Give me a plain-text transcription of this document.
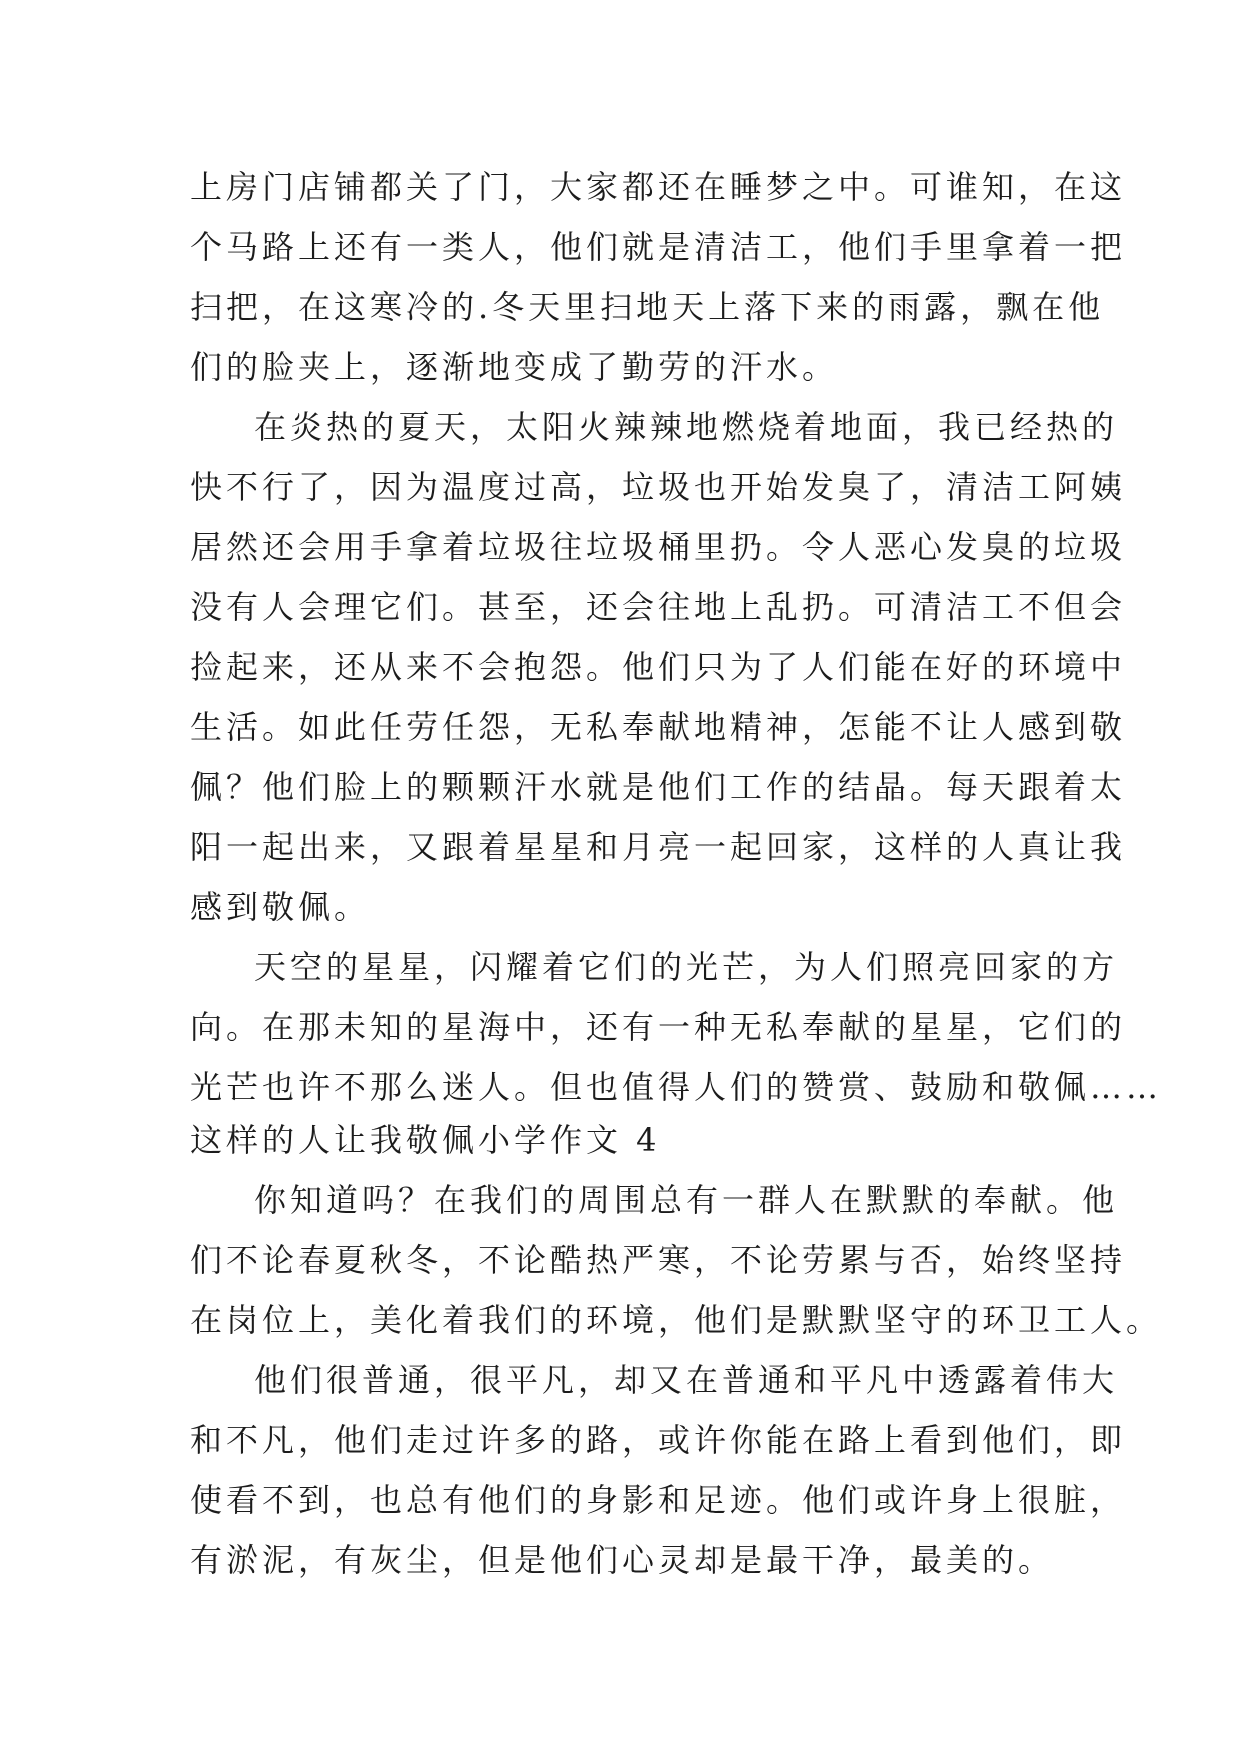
上房门店铺都关了门，大家都还在睡梦之中。可谁知，在这
个马路上还有一类人，他们就是清洁工，他们手里拿着一把
扫把，在这寒冷的.冬天里扫地天上落下来的雨露，飘在他
们的脸夹上，逐渐地变成了勤劳的汗水。
在炎热的夏天，太阳火辣辣地燃烧着地面，我已经热的
快不行了，因为温度过高，垃圾也开始发臭了，清洁工阿姨
居然还会用手拿着垃圾往垃圾桶里扔。令人恶心发臭的垃圾
没有人会理它们。甚至，还会往地上乱扔。可清洁工不但会
捡起来，还从来不会抱怨。他们只为了人们能在好的环境中
生活。如此任劳任怨，无私奉献地精神，怎能不让人感到敬
佩？他们脸上的颗颗汗水就是他们工作的结晶。每天跟着太
阳一起出来，又跟着星星和月亮一起回家，这样的人真让我
感到敬佩。
天空的星星，闪耀着它们的光芒，为人们照亮回家的方
向。在那未知的星海中，还有一种无私奉献的星星，它们的
光芒也许不那么迷人。但也值得人们的赞赏、鼓励和敬佩……
这样的人让我敬佩小学作文 4
你知道吗？在我们的周围总有一群人在默默的奉献。他
们不论春夏秋冬，不论酷热严寒，不论劳累与否，始终坚持
在岗位上，美化着我们的环境，他们是默默坚守的环卫工人。
他们很普通，很平凡，却又在普通和平凡中透露着伟大
和不凡，他们走过许多的路，或许你能在路上看到他们，即
使看不到，也总有他们的身影和足迹。他们或许身上很脏，
有淤泥，有灰尘，但是他们心灵却是最干净，最美的。
